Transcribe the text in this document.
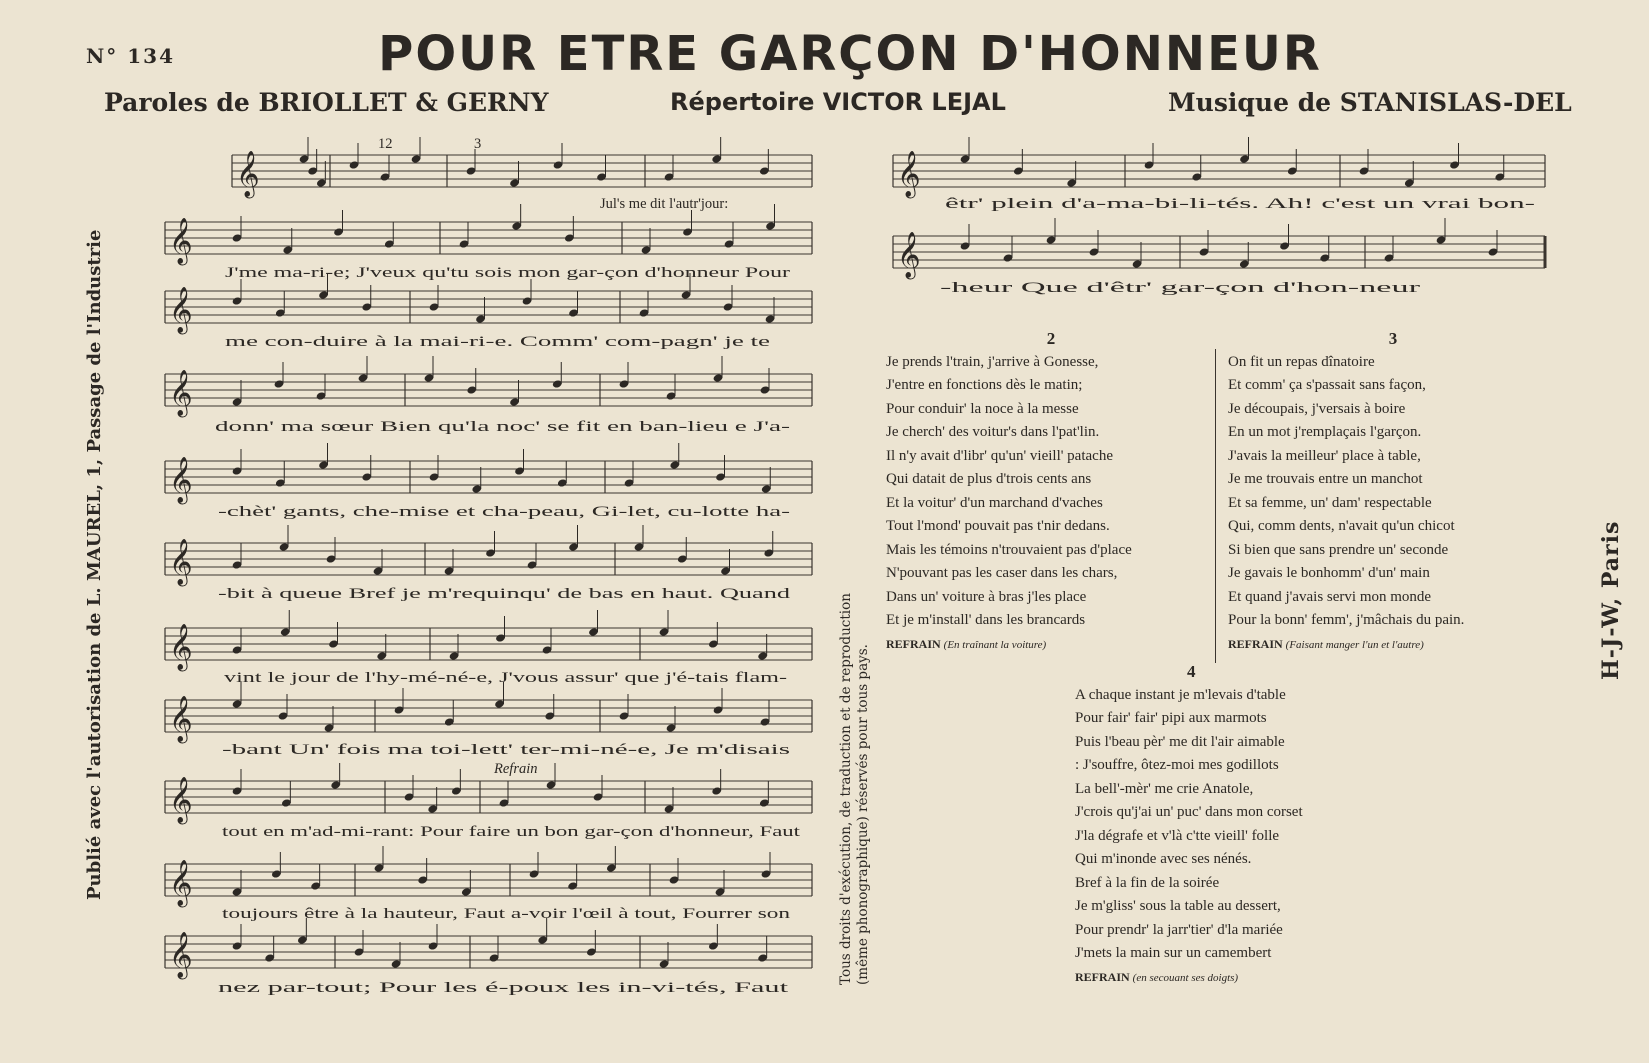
N° 134	POUR ETRE GARÇON D'HONNEUR
Paroles de BRIOLLET & GERNY	Répertoire VICTOR LEJAL	Musique de STANISLAS-DEL
𝄞
𝄞
𝄞
𝄞
𝄞
𝄞
𝄞
𝄞
𝄞
𝄞
𝄞
𝄞
𝄞
Jul's me dit l'autr'jour:
J'me ma-ri-e; J'veux qu'tu sois mon gar-çon d'honneur Pour
me con-duire à la mai-ri-e. Comm' com-pagn' je te
donn' ma sœur Bien qu'la noc' se fit en ban-lieu e J'a-
-chèt' gants, che-mise et cha-peau, Gi-let, cu-lotte ha-
-bit à queue Bref je m'requinqu' de bas en haut. Quand
vint le jour de l'hy-mé-né-e, J'vous assur' que j'é-tais flam-
-bant Un' fois ma toi-lett' ter-mi-né-e, Je m'disais
tout en m'ad-mi-rant: Pour faire un bon gar-çon d'honneur, Faut
toujours être à la hauteur, Faut a-voir l'œil à tout, Fourrer son
nez par-tout; Pour les é-poux les in-vi-tés, Faut
êtr' plein d'a-ma-bi-li-tés. Ah! c'est un vrai bon-
-heur Que d'êtr' gar-çon d'hon-neur
12	3
Refrain
2
Je prends l'train, j'arrive à Gonesse,
J'entre en fonctions dès le matin;
Pour conduir' la noce à la messe
Je cherch' des voitur's dans l'pat'lin.
Il n'y avait d'libr' qu'un' vieill' patache
Qui datait de plus d'trois cents ans
Et la voitur' d'un marchand d'vaches
Tout l'mond' pouvait pas t'nir dedans.
Mais les témoins n'trouvaient pas d'place
N'pouvant pas les caser dans les chars,
Dans un' voiture à bras j'les place
Et je m'install' dans les brancards
REFRAIN (En traînant la voiture)
3
On fit un repas dînatoire
Et comm' ça s'passait sans façon,
Je découpais, j'versais à boire
En un mot j'remplaçais l'garçon.
J'avais la meilleur' place à table,
Je me trouvais entre un manchot
Et sa femme, un' dam' respectable
Qui, comm dents, n'avait qu'un chicot
Si bien que sans prendre un' seconde
Je gavais le bonhomm' d'un' main
Et quand j'avais servi mon monde
Pour la bonn' femm', j'mâchais du pain.
REFRAIN (Faisant manger l'un et l'autre)
4
A chaque instant je m'levais d'table
Pour fair' fair' pipi aux marmots
Puis l'beau pèr' me dit l'air aimable
: J'souffre, ôtez-moi mes godillots
La bell'-mèr' me crie Anatole,
J'crois qu'j'ai un' puc' dans mon corset
J'la dégrafe et v'là c'tte vieill' folle
Qui m'inonde avec ses nénés.
Bref à la fin de la soirée
Je m'gliss' sous la table au dessert,
Pour prendr' la jarr'tier' d'la mariée
J'mets la main sur un camembert
REFRAIN (en secouant ses doigts)
Publié avec l'autorisation de L. MAUREL, 1, Passage de l'Industrie	Tous droits d'exécution, de traduction et de reproduction (même phonographique) réservés pour tous pays.
H-J-W, Paris
